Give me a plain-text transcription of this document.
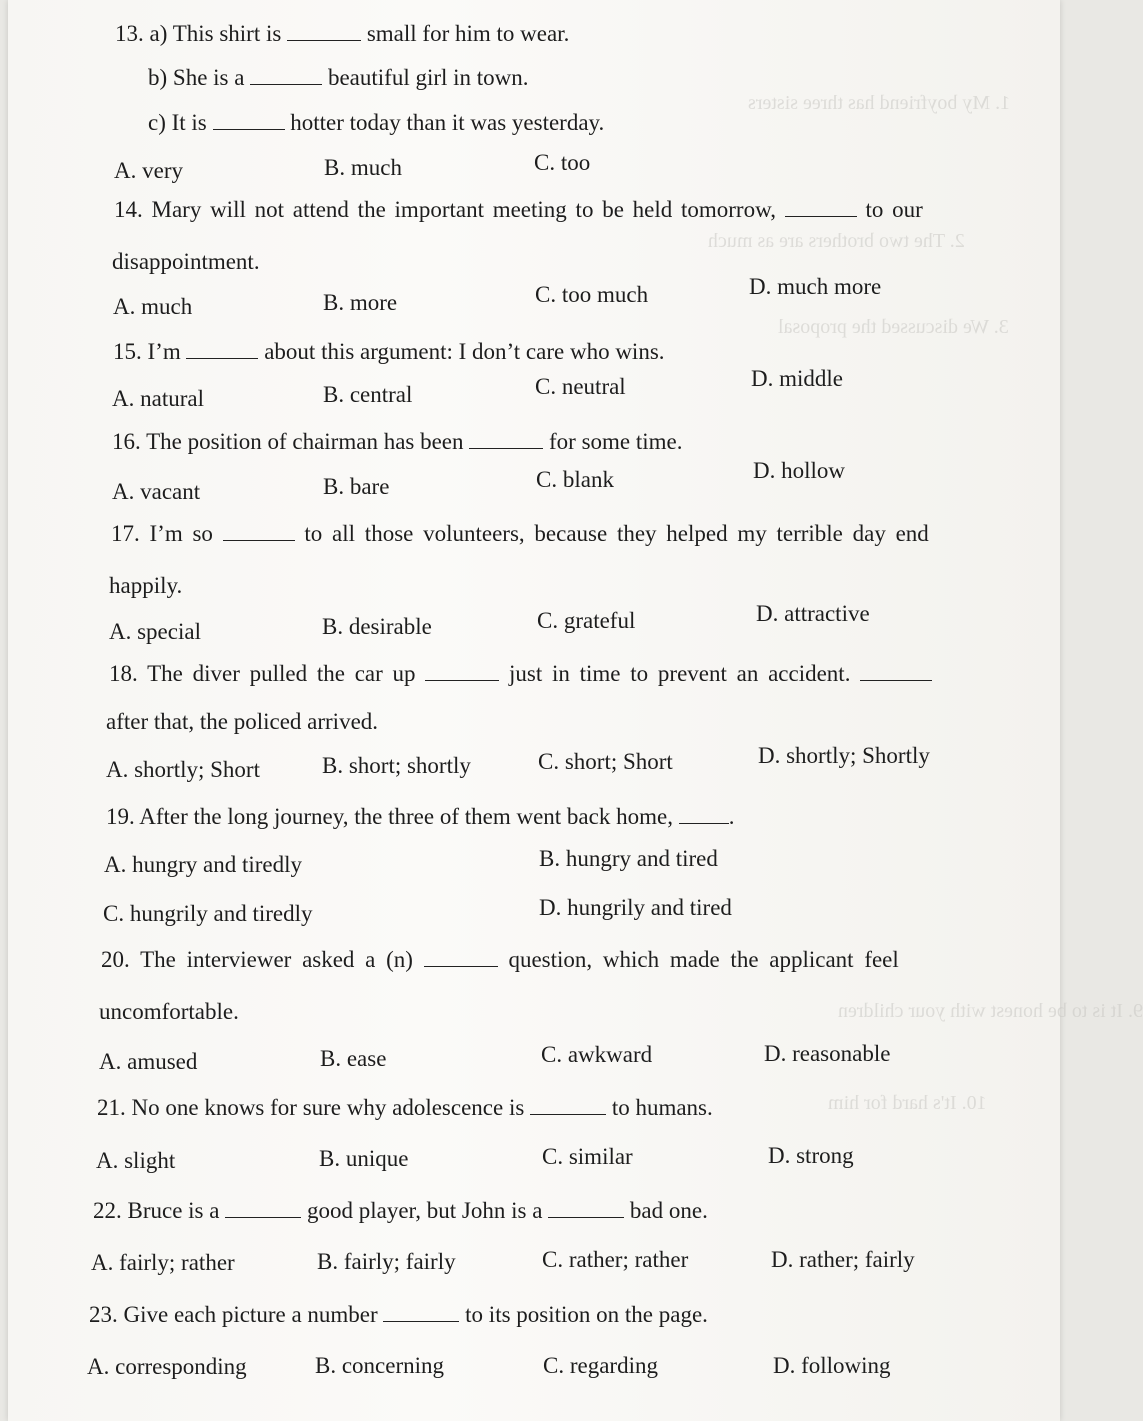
1. My boyfriend has three sisters
2. The two brothers are as much
3. We discussed the proposal
9. It is to be honest with your children
10. It's hard for him
13. a) This shirt is	small for him to wear.
b) She is a	beautiful girl in town.
c) It is	hotter today than it was yesterday.
A. very	B. much	C. too
14. Mary will not attend the important meeting to be held tomorrow,	to our
disappointment.
A. much	B. more	C. too much	D. much more
15. I’m	about this argument: I don’t care who wins.
A. natural	B. central	C. neutral	D. middle
16. The position of chairman has been	for some time.
A. vacant	B. bare	C. blank	D. hollow
17. I’m so	to all those volunteers, because they helped my terrible day end
happily.
A. special	B. desirable	C. grateful	D. attractive
18. The diver pulled the car up	just in time to prevent an accident.
after that, the policed arrived.
A. shortly; Short	B. short; shortly	C. short; Short	D. shortly; Shortly
19. After the long journey, the three of them went back home, .
A. hungry and tiredly	B. hungry and tired
C. hungrily and tiredly	D. hungrily and tired
20. The interviewer asked a (n)	question, which made the applicant feel
uncomfortable.
A. amused	B. ease	C. awkward	D. reasonable
21. No one knows for sure why adolescence is	to humans.
A. slight	B. unique	C. similar	D. strong
22. Bruce is a	good player, but John is a	bad one.
A. fairly; rather	B. fairly; fairly	C. rather; rather	D. rather; fairly
23. Give each picture a number	to its position on the page.
A. corresponding	B. concerning	C. regarding	D. following
